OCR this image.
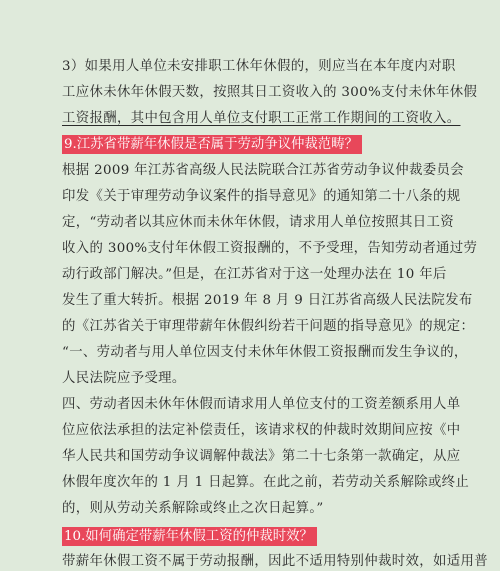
3）如果用人单位未安排职工休年休假的，则应当在本年度内对职
工应休未休年休假天数，按照其日工资收入的 300%支付未休年休假
工资报酬，其中包含用人单位支付职工正常工作期间的工资收入。
9.江苏省带薪年休假是否属于劳动争议仲裁范畴？
根据 2009 年江苏省高级人民法院联合江苏省劳动争议仲裁委员会
印发《关于审理劳动争议案件的指导意见》的通知第二十八条的规
定，“劳动者以其应休而未休年休假，请求用人单位按照其日工资
收入的 300%支付年休假工资报酬的，不予受理，告知劳动者通过劳
动行政部门解决。”但是，在江苏省对于这一处理办法在 10 年后
发生了重大转折。根据 2019 年 8 月 9 日江苏省高级人民法院发布
的《江苏省关于审理带薪年休假纠纷若干问题的指导意见》的规定：
“一、劳动者与用人单位因支付未休年休假工资报酬而发生争议的，
人民法院应予受理。
四、劳动者因未休年休假而请求用人单位支付的工资差额系用人单
位应依法承担的法定补偿责任，该请求权的仲裁时效期间应按《中
华人民共和国劳动争议调解仲裁法》第二十七条第一款确定，从应
休假年度次年的 1 月 1 日起算。在此之前，若劳动关系解除或终止
的，则从劳动关系解除或终止之次日起算。”
10.如何确定带薪年休假工资的仲裁时效？
带薪年休假工资不属于劳动报酬，因此不适用特别仲裁时效，如适用普
